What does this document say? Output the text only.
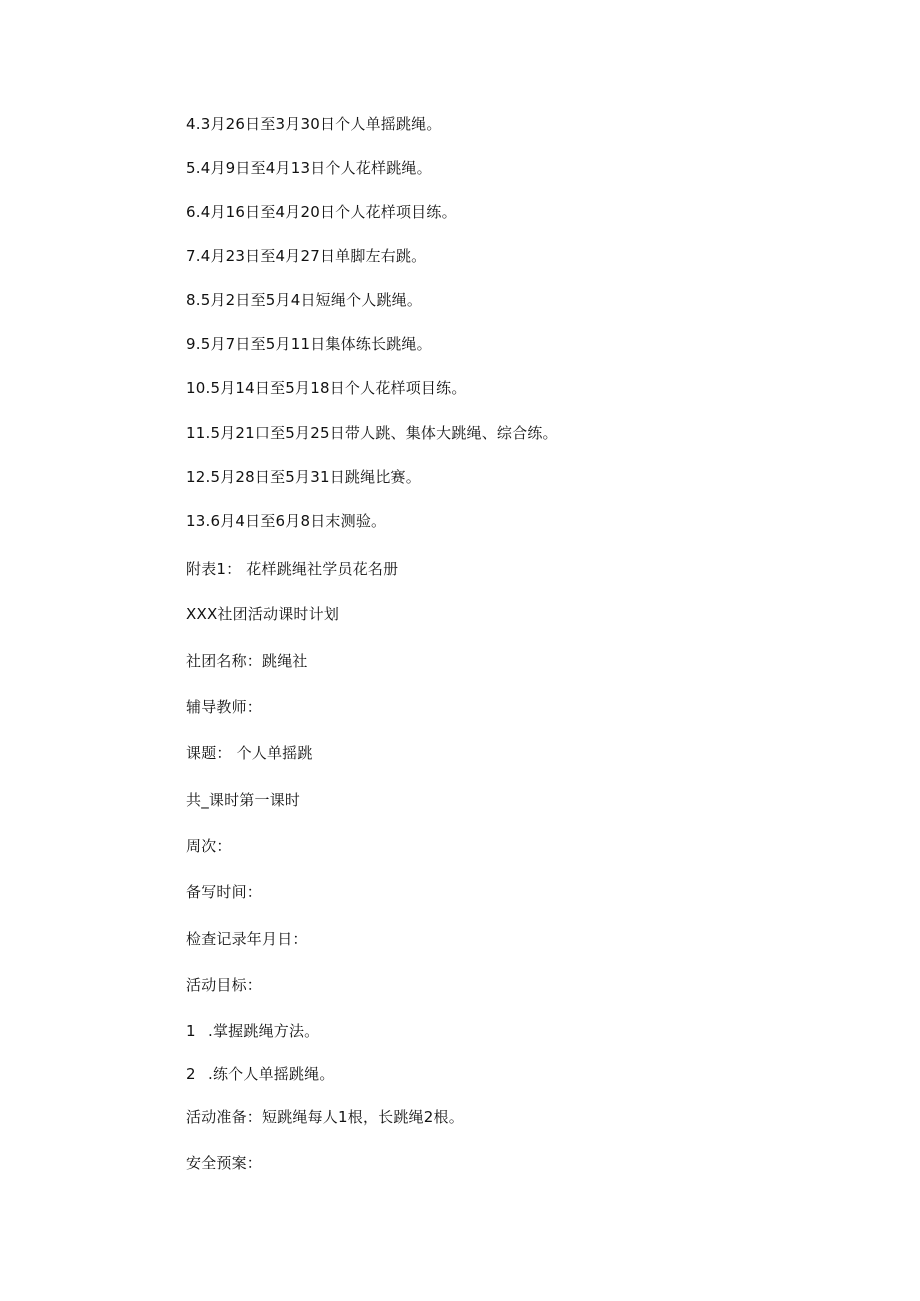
4.3月26日至3月30日个人单摇跳绳。
5.4月9日至4月13日个人花样跳绳。
6.4月16日至4月20日个人花样项目练。
7.4月23日至4月27日单脚左右跳。
8.5月2日至5月4日短绳个人跳绳。
9.5月7日至5月11日集体练长跳绳。
10.5月14日至5月18日个人花样项目练。
11.5月21口至5月25日带人跳、集体大跳绳、综合练。
12.5月28日至5月31日跳绳比赛。
13.6月4日至6月8日末测验。
附表1： 花样跳绳社学员花名册
XXX社团活动课时计划
社团名称：跳绳社
辅导教师：
课题： 个人单摇跳
共_课时第一课时
周次：
备写时间：
检查记录年月日：
活动目标：
1 .掌握跳绳方法。
2 .练个人单摇跳绳。
活动准备：短跳绳每人1根，长跳绳2根。
安全预案：
